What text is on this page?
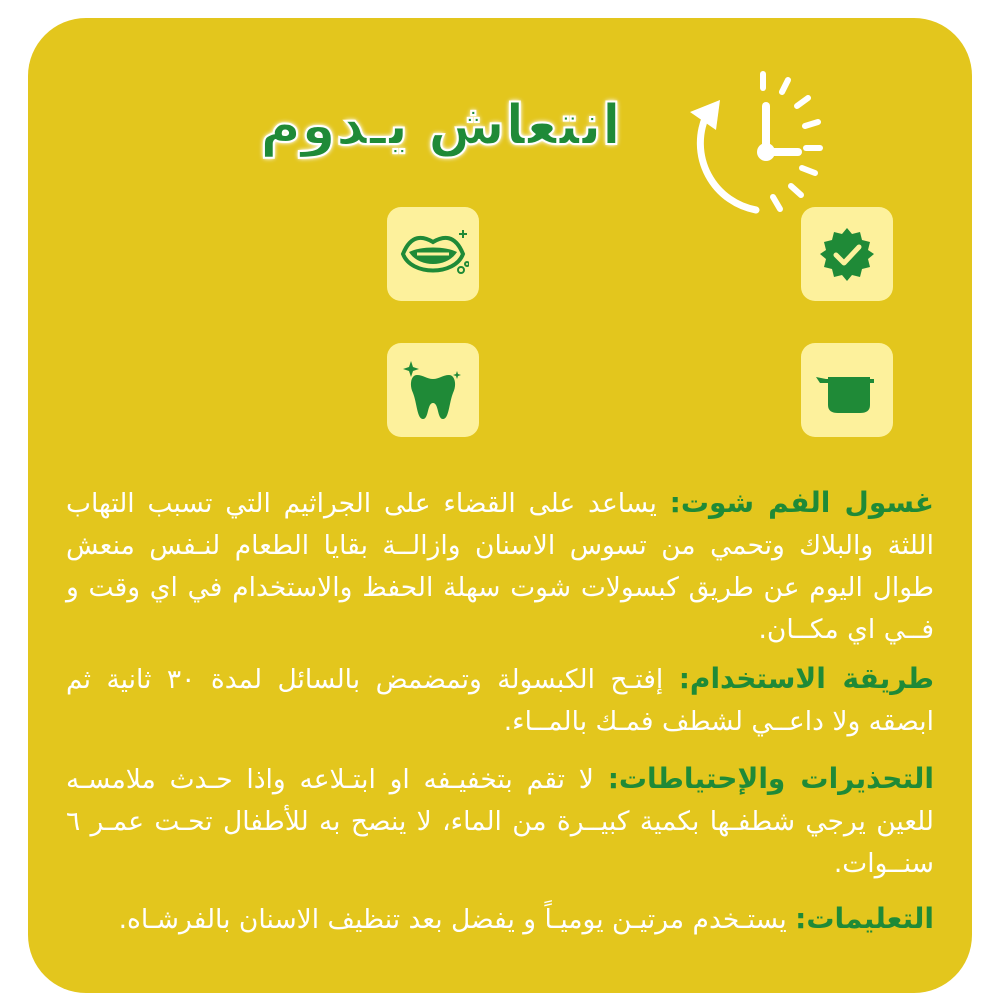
انتعاش يـدوم

غسول الفم شوت: يساعد على القضاء على الجراثيم التي تسبب التهاب اللثة والبلاك وتحمي من تسوس الاسنان وازالــة بقايا الطعام لنـفس منعش طوال اليوم عن طريق كبسولات شوت سهلة الحفظ والاستخدام في اي وقت و فــي اي مكــان.

طريقة الاستخدام: إفتـح الكبسولة وتمضمض بالسائل لمدة ٣٠ ثانية ثم ابصقه ولا داعــي لشطف فمـك بالمــاء.

التحذيرات والإحتياطات: لا تقم بتخفيـفه او ابتـلاعه واذا حـدث ملامسـه للعين يرجي شطفـها بكمية كبيــرة من الماء، لا ينصح به للأطفال تحـت عمـر ٦ سنــوات.

التعليمات: يستـخدم مرتيـن يوميـاً و يفضل بعد تنظيف الاسنان بالفرشـاه.
